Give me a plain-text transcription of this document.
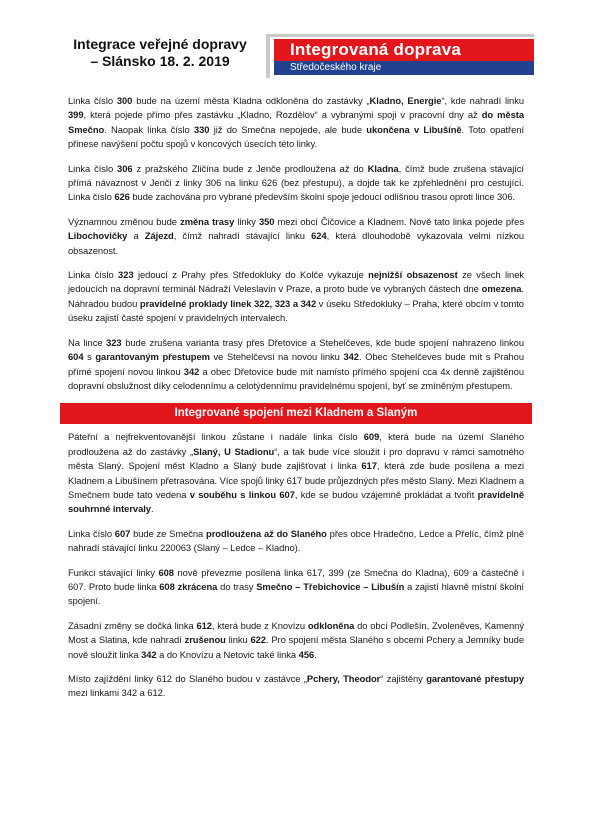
Integrace veřejné dopravy
– Slánsko 18. 2. 2019
Integrovaná doprava
Středočeského kraje

Linka číslo 300 bude na území města Kladna odkloněna do zastávky „Kladno, Energie“, kde nahradí linku 399, která pojede přímo přes zastávku „Kladno, Rozdělov“ a vybranými spoji v pracovní dny až do města Smečno. Naopak linka číslo 330 již do Smečna nepojede, ale bude ukončena v Libušíně. Toto opatření přinese navýšení počtu spojů v koncových úsecích této linky.

Linka číslo 306 z pražského Zličína bude z Jenče prodloužena až do Kladna, čímž bude zrušena stávající přímá návaznost v Jenči z linky 306 na linku 626 (bez přestupu), a dojde tak ke zpřehlednění pro cestující. Linka číslo 626 bude zachována pro vybrané především školní spoje jedoucí odlišnou trasou oproti lince 306.

Významnou změnou bude změna trasy linky 350 mezi obcí Čičovice a Kladnem. Nově tato linka pojede přes Libochovičky a Zájezd, čímž nahradí stávající linku 624, která dlouhodobě vykazovala velmi nízkou obsazenost.

Linka číslo 323 jedoucí z Prahy přes Středokluky do Kolče vykazuje nejnižší obsazenost ze všech linek jedoucích na dopravní terminál Nádraží Veleslavín v Praze, a proto bude ve vybraných částech dne omezena. Náhradou budou pravidelné prokladу linek 322, 323 a 342 v úseku Středokluky – Praha, které obcím v tomto úseku zajistí časté spojení v pravidelných intervalech.

Na lince 323 bude zrušena varianta trasy přes Dřetovice a Stehelčeves, kde bude spojení nahrazeno linkou 604 s garantovaným přestupem ve Stehelčevsi na novou linku 342. Obec Stehelčeves bude mít s Prahou přímé spojení novou linkou 342 a obec Dřetovice bude mít namísto přímého spojení cca 4x denně zajištěnou dopravní obslužnost díky celodennímu a celotýdennímu pravidelnému spojení, byť se zmíněným přestupem.

Integrované spojení mezi Kladnem a Slaným

Páteřní a nejfrekventovanější linkou zůstane i nadále linka číslo 609, která bude na území Slaného prodloužena až do zastávky „Slaný, U Stadionu“, a tak bude více sloužit i pro dopravu v rámci samotného města Slaný. Spojení měst Kladno a Slaný bude zajišťovat i linka 617, která zde bude posílena a mezi Kladnem a Libušínem přetrasována. Více spojů linky 617 bude průjezdných přes město Slaný. Mezi Kladnem a Smečnem bude tato vedena v souběhu s linkou 607, kde se budou vzájemně prokládat a tvořit pravidelně souhrnné intervaly.

Linka číslo 607 bude ze Smečna prodloužena až do Slaného přes obce Hradečno, Ledce a Přelíc, čímž plně nahradí stávající linku 220063 (Slaný – Ledce – Kladno).

Funkci stávající linky 608 nově převezme posílená linka 617, 399 (ze Smečna do Kladna), 609 a částečně i 607. Proto bude linka 608 zkrácena do trasy Smečno – Třebichovice – Libušín a zajistí hlavně místní školní spojení.

Zásadní změny se dočká linka 612, která bude z Knovízu odkloněna do obcí Podlešín, Zvoleněves, Kamenný Most a Slatina, kde nahradí zrušenou linku 622. Pro spojení města Slaného s obcemi Pchery a Jemníky bude nově sloužit linka 342 a do Knovízu a Netovic také linka 456.

Místo zajíždění linky 612 do Slaného budou v zastávce „Pchery, Theodor“ zajištěny garantované přestupy mezi linkami 342 a 612.
